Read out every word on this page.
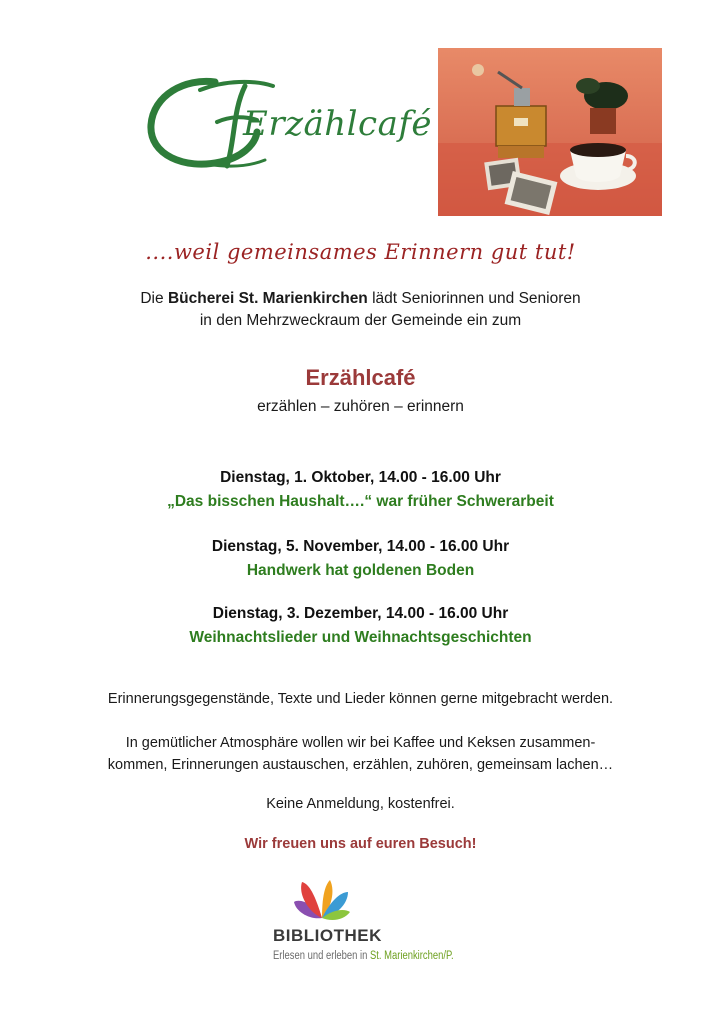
Erzählcafé
....weil gemeinsames Erinnern gut tut!
Die Bücherei St. Marienkirchen lädt Seniorinnen und Senioren
in den Mehrzweckraum der Gemeinde ein zum
Erzählcafé
erzählen – zuhören – erinnern
Dienstag, 1. Oktober, 14.00 - 16.00 Uhr
„Das bisschen Haushalt….“ war früher Schwerarbeit
Dienstag, 5. November, 14.00 - 16.00 Uhr
Handwerk hat goldenen Boden
Dienstag, 3. Dezember, 14.00 - 16.00 Uhr
Weihnachtslieder und Weihnachtsgeschichten
Erinnerungsgegenstände, Texte und Lieder können gerne mitgebracht werden.
In gemütlicher Atmosphäre wollen wir bei Kaffee und Keksen zusammen-
kommen, Erinnerungen austauschen, erzählen, zuhören, gemeinsam lachen…
Keine Anmeldung, kostenfrei.
Wir freuen uns auf euren Besuch!
BIBLIOTHEK
Erlesen und erleben in St. Marienkirchen/P.
